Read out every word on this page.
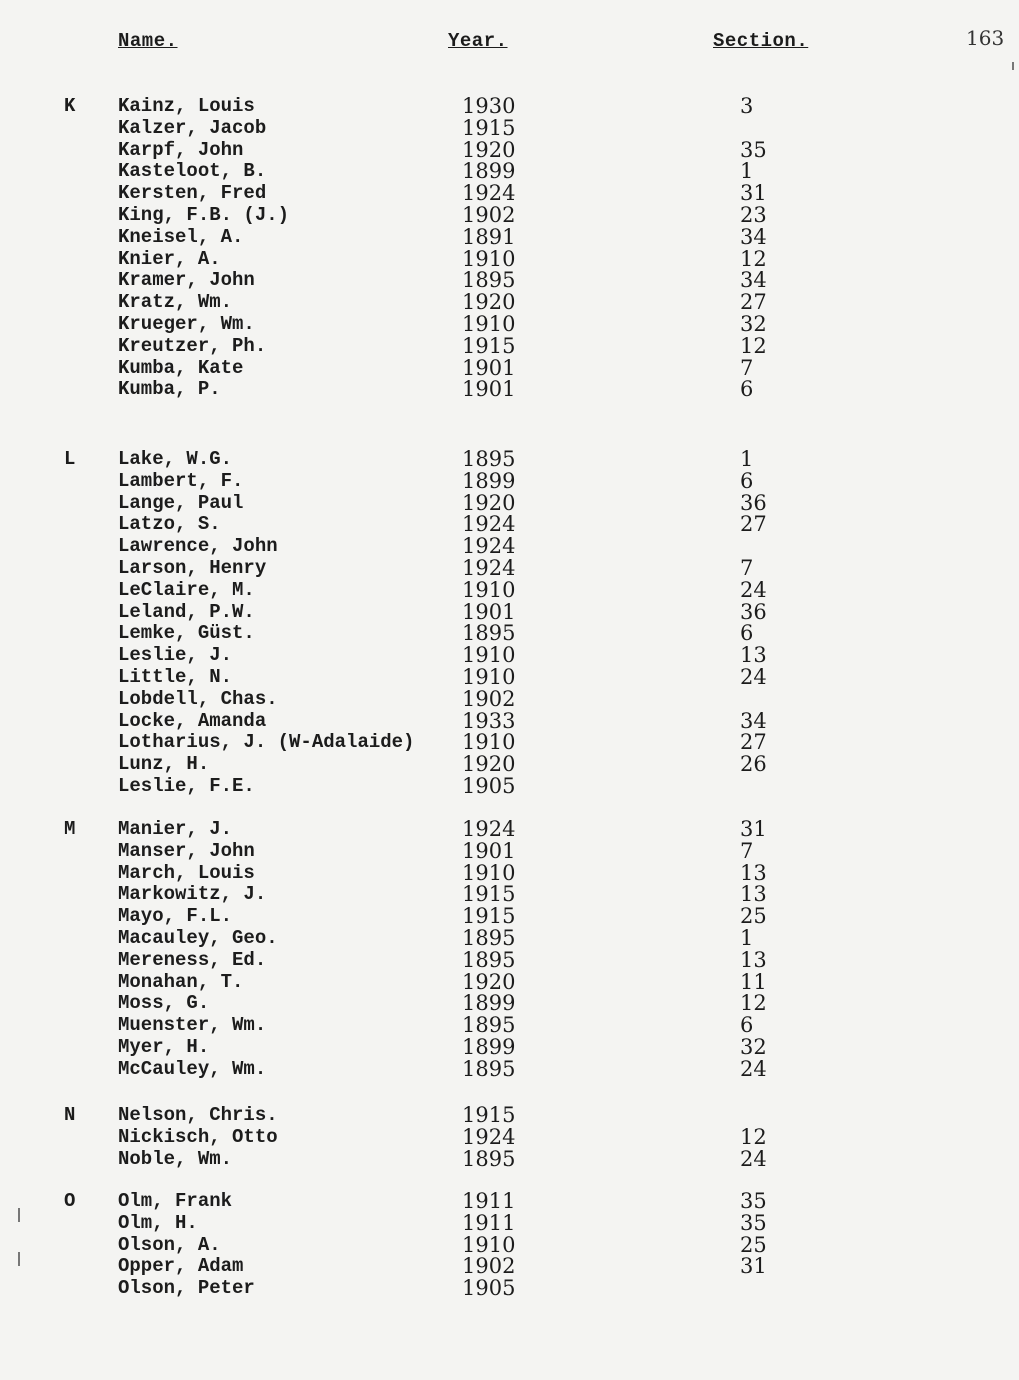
Name.	Year.	Section.	163
K Kainz, Louis	1930	3
Kalzer, Jacob	1915
Karpf, John	1920	35
Kasteloot, B.	1899	1
Kersten, Fred	1924	31
King, F.B. (J.)	1902	23
Kneisel, A.	1891	34
Knier, A.	1910	12
Kramer, John	1895	34
Kratz, Wm.	1920	27
Krueger, Wm.	1910	32
Kreutzer, Ph.	1915	12
Kumba, Kate	1901	7
Kumba, P.	1901	6
L Lake, W.G.	1895	1
Lambert, F.	1899	6
Lange, Paul	1920	36
Latzo, S.	1924	27
Lawrence, John	1924
Larson, Henry	1924	7
LeClaire, M.	1910	24
Leland, P.W.	1901	36
Lemke, Güst.	1895	6
Leslie, J.	1910	13
Little, N.	1910	24
Lobdell, Chas.	1902
Locke, Amanda	1933	34
Lotharius, J. (W-Adalaide) 1910	27
Lunz, H.	1920	26
Leslie, F.E.	1905
M Manier, J.	1924	31
Manser, John	1901	7
March, Louis	1910	13
Markowitz, J.	1915	13
Mayo, F.L.	1915	25
Macauley, Geo.	1895	1
Mereness, Ed.	1895	13
Monahan, T.	1920	11
Moss, G.	1899	12
Muenster, Wm.	1895	6
Myer, H.	1899	32
McCauley, Wm.	1895	24
N Nelson, Chris.	1915
Nickisch, Otto	1924	12
Noble, Wm.	1895	24
O Olm, Frank	1911	35
Olm, H.	1911	35
Olson, A.	1910	25
Opper, Adam	1902	31
Olson, Peter	1905
